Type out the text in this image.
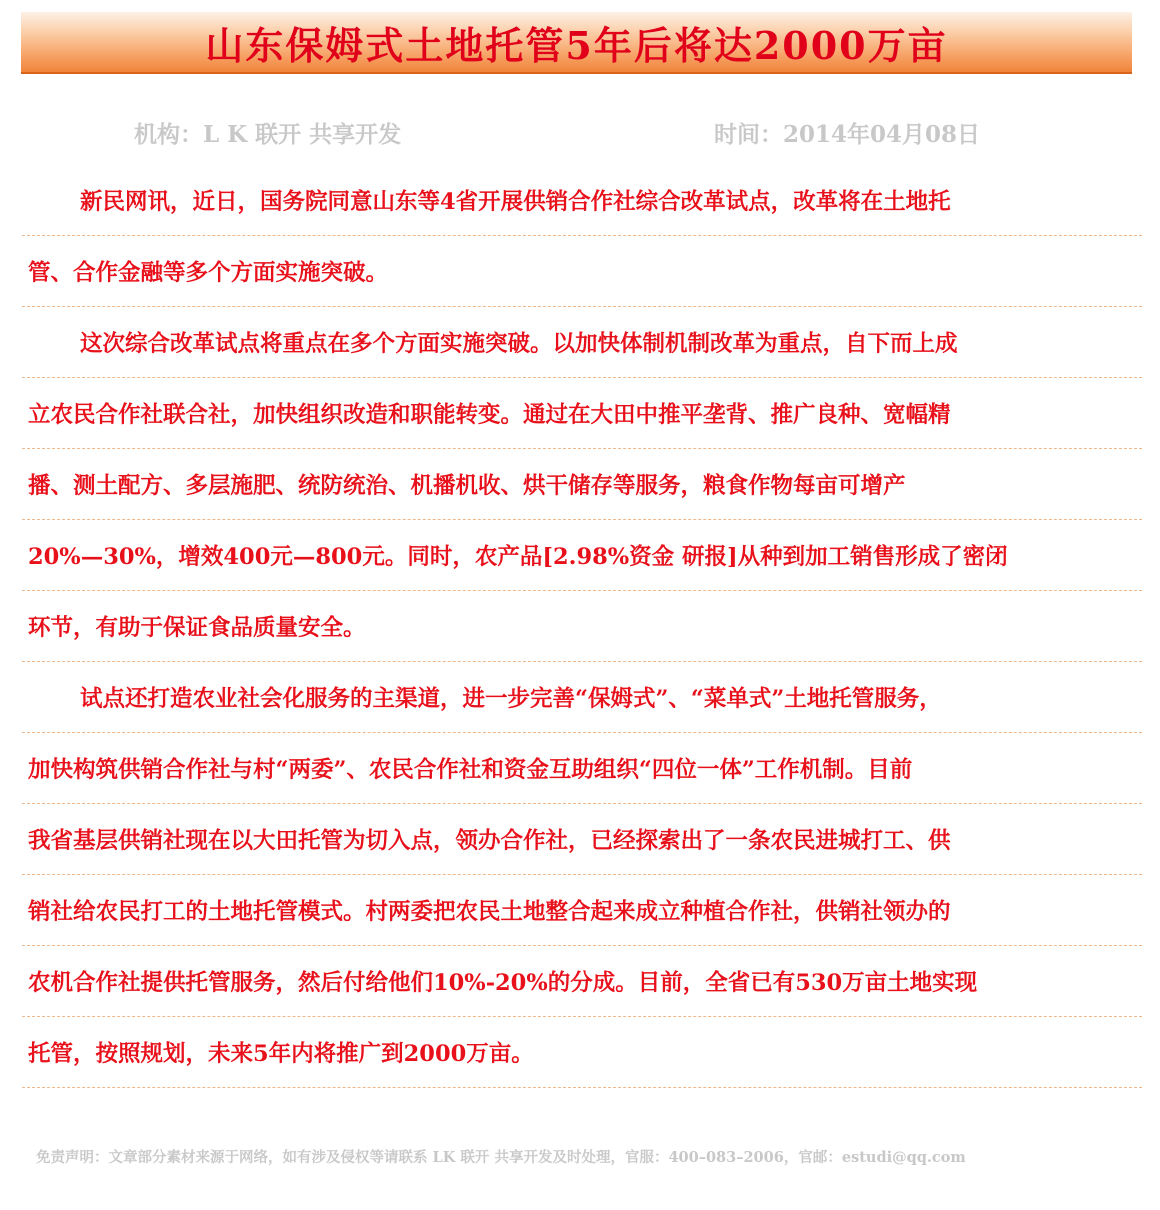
山东保姆式土地托管5年后将达2000万亩
机构：L K 联开 共享开发	时间：2014年04月08日
新民网讯，近日，国务院同意山东等4省开展供销合作社综合改革试点，改革将在土地托
管、合作金融等多个方面实施突破。
这次综合改革试点将重点在多个方面实施突破。以加快体制机制改革为重点，自下而上成
立农民合作社联合社，加快组织改造和职能转变。通过在大田中推平垄背、推广良种、宽幅精
播、测土配方、多层施肥、统防统治、机播机收、烘干储存等服务，粮食作物每亩可增产
20%—30%，增效400元—800元。同时，农产品[2.98%资金 研报]从种到加工销售形成了密闭
环节，有助于保证食品质量安全。
试点还打造农业社会化服务的主渠道，进一步完善“保姆式”、“菜单式”土地托管服务，
加快构筑供销合作社与村“两委”、农民合作社和资金互助组织“四位一体”工作机制。目前
我省基层供销社现在以大田托管为切入点，领办合作社，已经探索出了一条农民进城打工、供
销社给农民打工的土地托管模式。村两委把农民土地整合起来成立种植合作社，供销社领办的
农机合作社提供托管服务，然后付给他们10%-20%的分成。目前，全省已有530万亩土地实现
托管，按照规划，未来5年内将推广到2000万亩。
免责声明：文章部分素材来源于网络，如有涉及侵权等请联系 LK 联开 共享开发及时处理，官服：400–083–2006，官邮：estudi@qq.com
